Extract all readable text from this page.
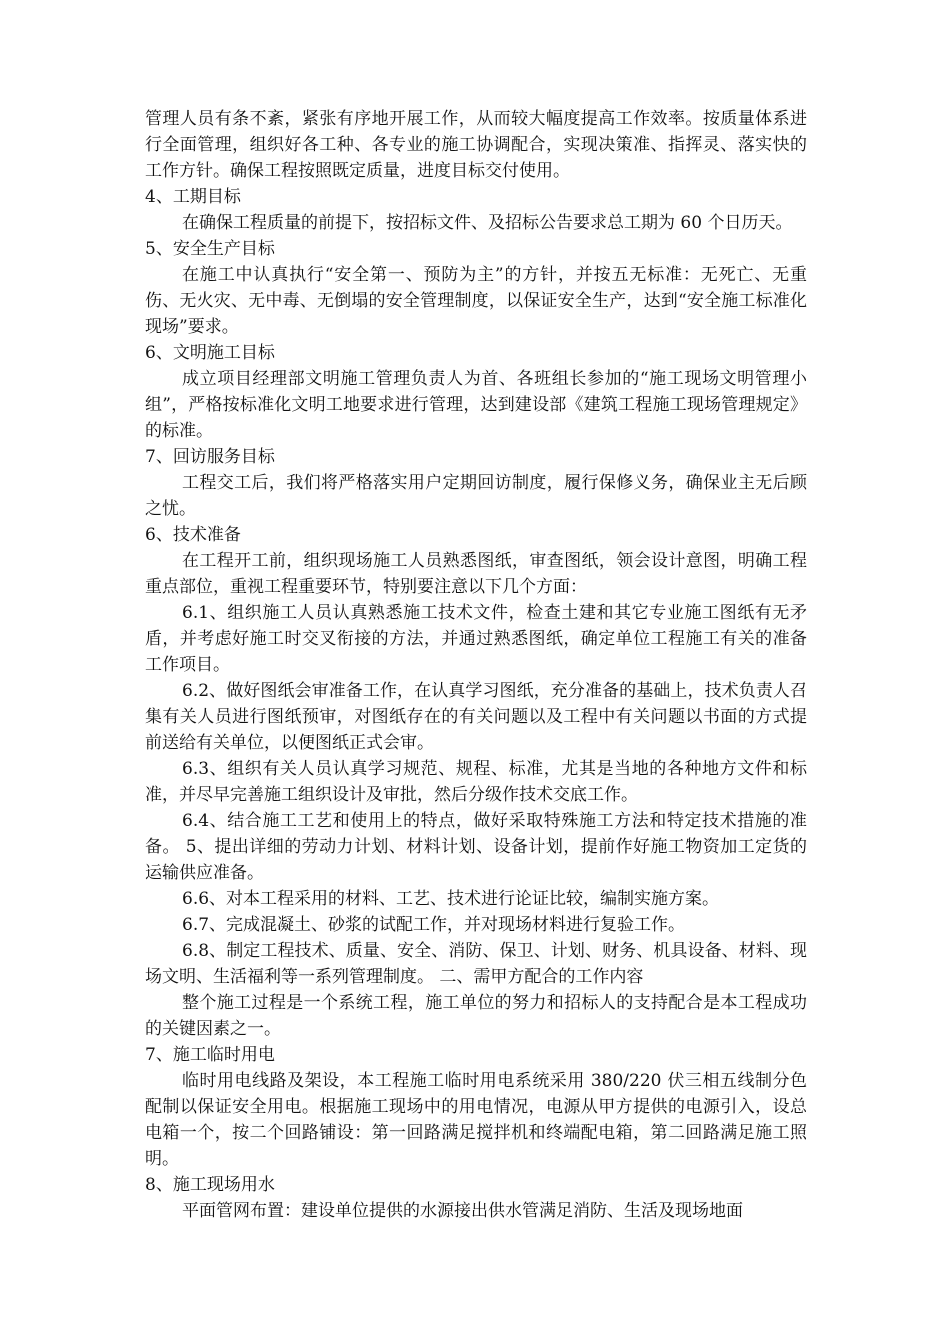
管理人员有条不紊，紧张有序地开展工作，从而较大幅度提高工作效率。按质量体系进行全面管理，组织好各工种、各专业的施工协调配合，实现决策准、指挥灵、落实快的工作方针。确保工程按照既定质量，进度目标交付使用。

4、工期目标

在确保工程质量的前提下，按招标文件、及招标公告要求总工期为 60 个日历天。

5、安全生产目标

在施工中认真执行“安全第一、预防为主”的方针，并按五无标准：无死亡、无重伤、无火灾、无中毒、无倒塌的安全管理制度，以保证安全生产，达到“安全施工标准化现场”要求。

6、文明施工目标

成立项目经理部文明施工管理负责人为首、各班组长参加的“施工现场文明管理小组”，严格按标准化文明工地要求进行管理，达到建设部《建筑工程施工现场管理规定》的标准。

7、回访服务目标

工程交工后，我们将严格落实用户定期回访制度，履行保修义务，确保业主无后顾之忧。

6、技术准备

在工程开工前，组织现场施工人员熟悉图纸，审查图纸，领会设计意图，明确工程重点部位，重视工程重要环节，特别要注意以下几个方面：

6.1、组织施工人员认真熟悉施工技术文件，检查土建和其它专业施工图纸有无矛盾，并考虑好施工时交叉衔接的方法，并通过熟悉图纸，确定单位工程施工有关的准备工作项目。

6.2、做好图纸会审准备工作，在认真学习图纸，充分准备的基础上，技术负责人召集有关人员进行图纸预审，对图纸存在的有关问题以及工程中有关问题以书面的方式提前送给有关单位，以便图纸正式会审。

6.3、组织有关人员认真学习规范、规程、标准，尤其是当地的各种地方文件和标准，并尽早完善施工组织设计及审批，然后分级作技术交底工作。

6.4、结合施工工艺和使用上的特点，做好采取特殊施工方法和特定技术措施的准备。 5、提出详细的劳动力计划、材料计划、设备计划，提前作好施工物资加工定货的运输供应准备。

6.6、对本工程采用的材料、工艺、技术进行论证比较，编制实施方案。

6.7、完成混凝土、砂浆的试配工作，并对现场材料进行复验工作。

6.8、制定工程技术、质量、安全、消防、保卫、计划、财务、机具设备、材料、现场文明、生活福利等一系列管理制度。 二、需甲方配合的工作内容

整个施工过程是一个系统工程，施工单位的努力和招标人的支持配合是本工程成功的关键因素之一。

7、施工临时用电

临时用电线路及架设，本工程施工临时用电系统采用 380/220 伏三相五线制分色配制以保证安全用电。根据施工现场中的用电情况，电源从甲方提供的电源引入，设总电箱一个，按二个回路铺设：第一回路满足搅拌机和终端配电箱，第二回路满足施工照明。

8、施工现场用水

平面管网布置：建设单位提供的水源接出供水管满足消防、生活及现场地面
